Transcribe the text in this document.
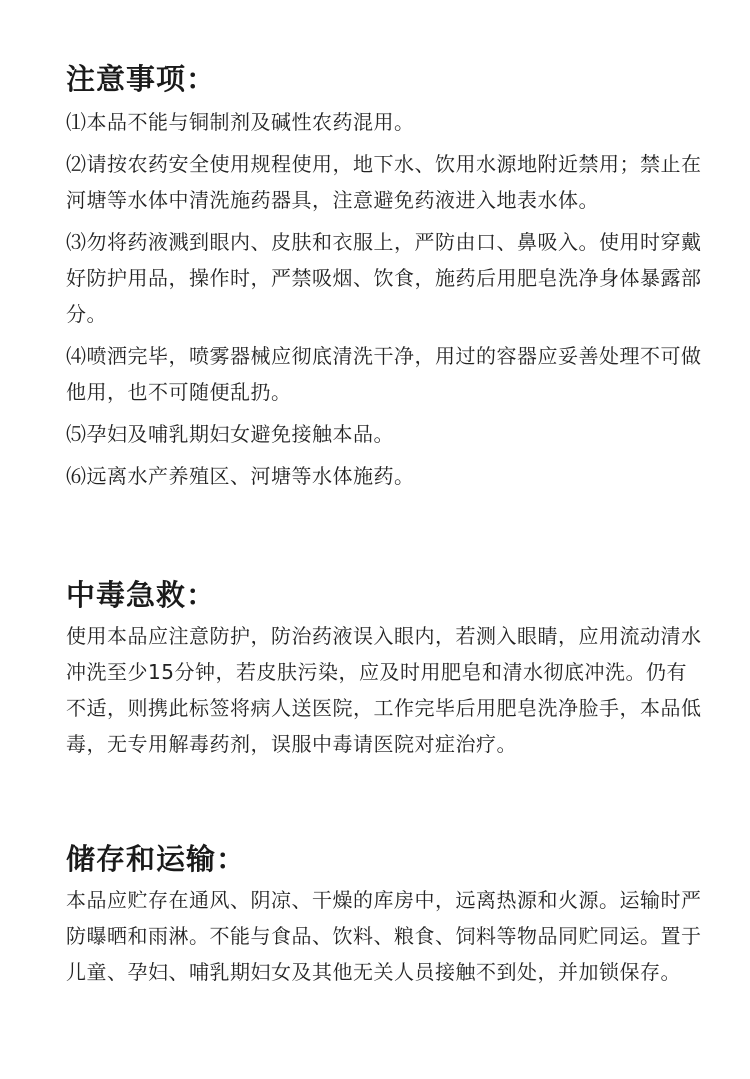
注意事项：

⑴本品不能与铜制剂及碱性农药混用。

⑵请按农药安全使用规程使用，地下水、饮用水源地附近禁用；禁止在河塘等水体中清洗施药器具，注意避免药液进入地表水体。

⑶勿将药液溅到眼内、皮肤和衣服上，严防由口、鼻吸入。使用时穿戴好防护用品，操作时，严禁吸烟、饮食，施药后用肥皂洗净身体暴露部分。

⑷喷洒完毕，喷雾器械应彻底清洗干净，用过的容器应妥善处理不可做他用，也不可随便乱扔。

⑸孕妇及哺乳期妇女避免接触本品。

⑹远离水产养殖区、河塘等水体施药。

中毒急救：

使用本品应注意防护，防治药液误入眼内，若测入眼睛，应用流动清水冲洗至少15分钟，若皮肤污染，应及时用肥皂和清水彻底冲洗。仍有不适，则携此标签将病人送医院，工作完毕后用肥皂洗净脸手，本品低毒，无专用解毒药剂，误服中毒请医院对症治疗。

储存和运输：

本品应贮存在通风、阴凉、干燥的库房中，远离热源和火源。运输时严防曝晒和雨淋。不能与食品、饮料、粮食、饲料等物品同贮同运。置于儿童、孕妇、哺乳期妇女及其他无关人员接触不到处，并加锁保存。
